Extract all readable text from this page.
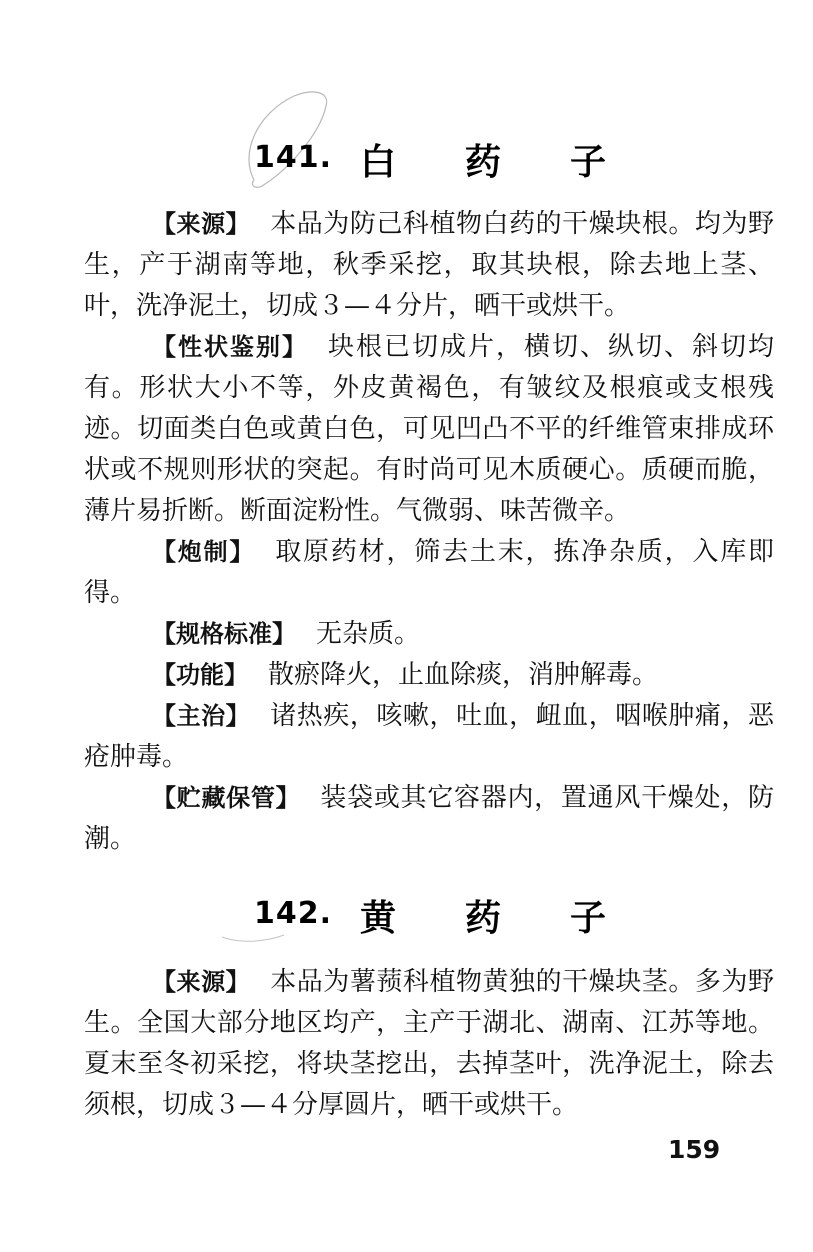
141. 白 药 子

【来源】 本品为防己科植物白药的干燥块根。均为野生，产于湖南等地，秋季采挖，取其块根，除去地上茎、叶，洗净泥土，切成３—４分片，晒干或烘干。

【性状鉴别】 块根已切成片，横切、纵切、斜切均有。形状大小不等，外皮黄褐色，有皱纹及根痕或支根残迹。切面类白色或黄白色，可见凹凸不平的纤维管束排成环状或不规则形状的突起。有时尚可见木质硬心。质硬而脆，薄片易折断。断面淀粉性。气微弱、味苦微辛。

【炮制】 取原药材，筛去土末，拣净杂质，入库即得。

【规格标准】 无杂质。

【功能】 散瘀降火，止血除痰，消肿解毒。

【主治】 诸热疾，咳嗽，吐血，衄血，咽喉肿痛，恶疮肿毒。

【贮藏保管】 装袋或其它容器内，置通风干燥处，防潮。

142. 黄 药 子

【来源】 本品为薯蓣科植物黄独的干燥块茎。多为野生。全国大部分地区均产，主产于湖北、湖南、江苏等地。夏末至冬初采挖，将块茎挖出，去掉茎叶，洗净泥土，除去须根，切成３—４分厚圆片，晒干或烘干。

159
